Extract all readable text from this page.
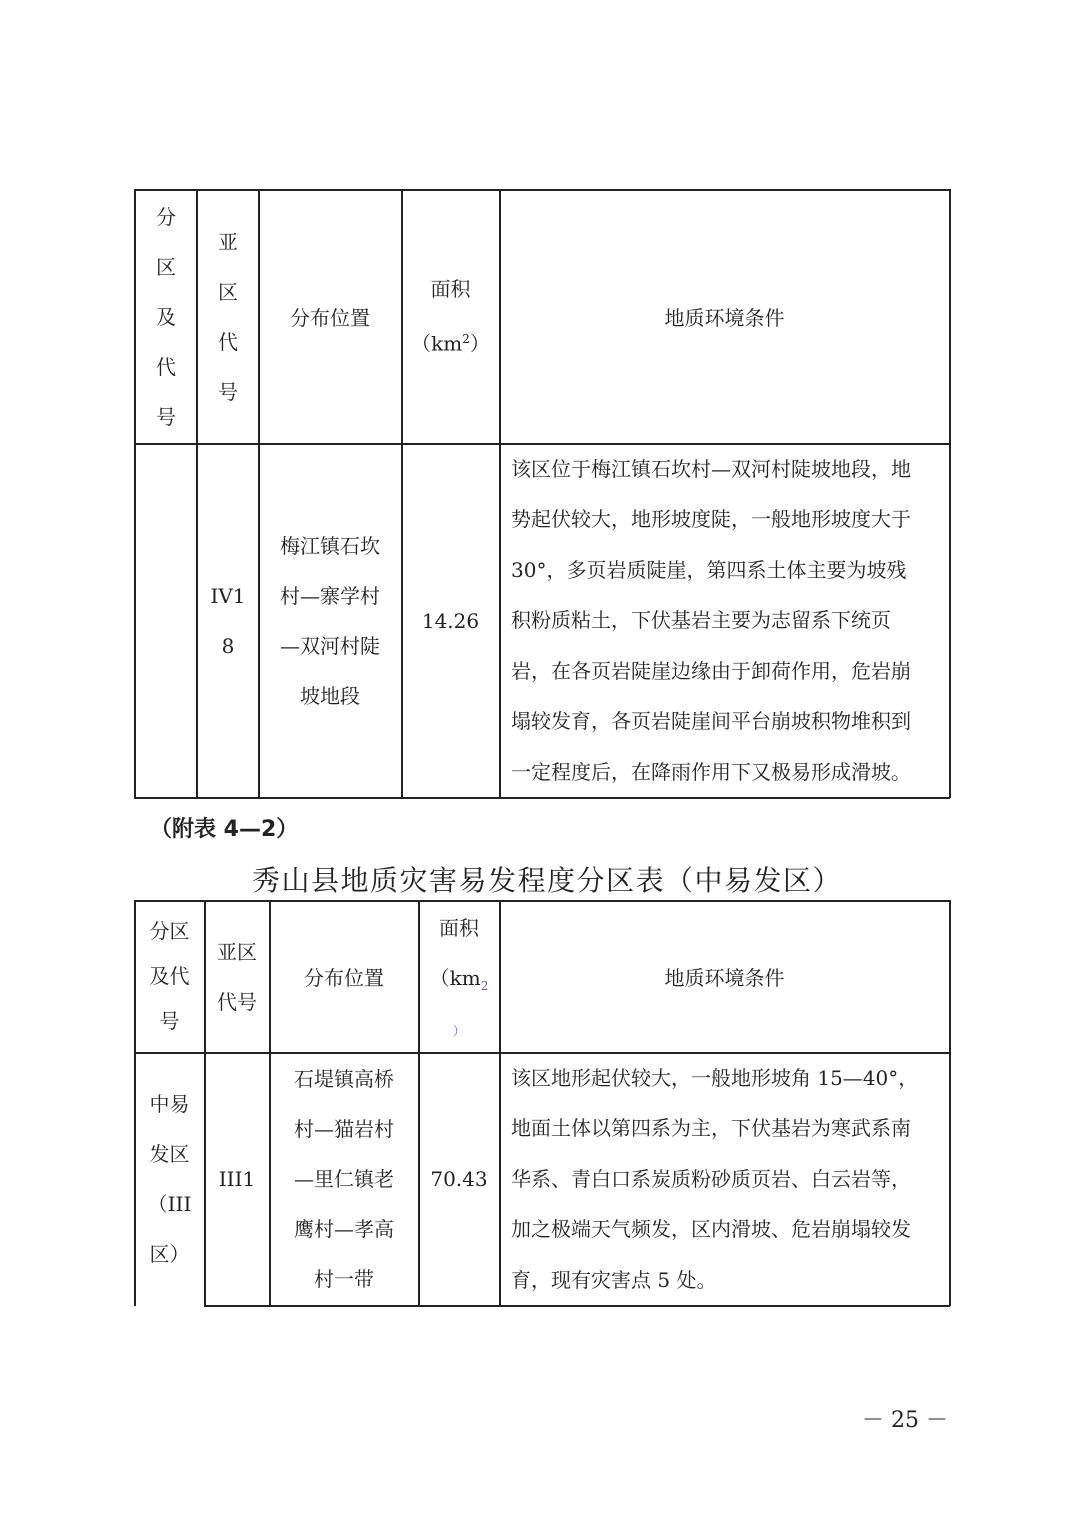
分
区
及
代
号
亚
区
代
号
分布位置
面积
$(km^2)$
地质环境条件
IV1
8
梅江镇石坎
村—寨学村
—双河村陡
坡地段
14.26
该区位于梅江镇石坎村—双河村陡坡地段，地
势起伏较大，地形坡度陡，一般地形坡度大于
30°，多页岩质陡崖，第四系土体主要为坡残
积粉质粘土，下伏基岩主要为志留系下统页
岩，在各页岩陡崖边缘由于卸荷作用，危岩崩
塌较发育，各页岩陡崖间平台崩坡积物堆积到
一定程度后，在降雨作用下又极易形成滑坡。
（附表 4—2）
秀山县地质灾害易发程度分区表（中易发区）
分区
及代
号
亚区
代号
分布位置
面积
（$km_2$
）
地质环境条件
中易
发区
（III
区）
III1
石堤镇高桥
村—猫岩村
—里仁镇老
鹰村—孝高
村一带
70.43
该区地形起伏较大，一般地形坡角 15—40°，
地面土体以第四系为主，下伏基岩为寒武系南
华系、青白口系炭质粉砂质页岩、白云岩等，
加之极端天气频发，区内滑坡、危岩崩塌较发
育，现有灾害点 5 处。
－ 25 －
